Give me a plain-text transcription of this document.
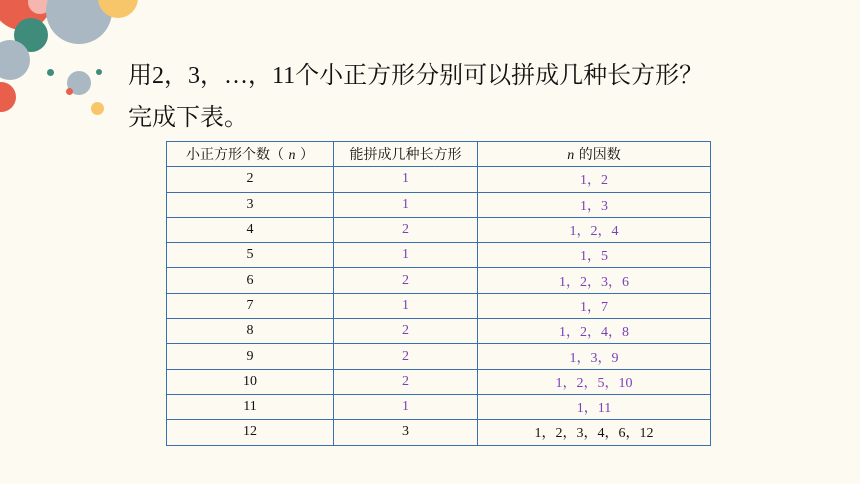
用2，3，…，11个小正方形分别可以拼成几种长方形？

完成下表。

小正方形个数（ n ）	能拼成几种长方形	n 的因数
2	1	1，2
3	1	1，3
4	2	1，2，4
5	1	1，5
6	2	1，2，3，6
7	1	1，7
8	2	1，2，4，8
9	2	1，3，9
10	2	1，2，5，10
11	1	1，11
12	3	1，2，3，4，6，12
